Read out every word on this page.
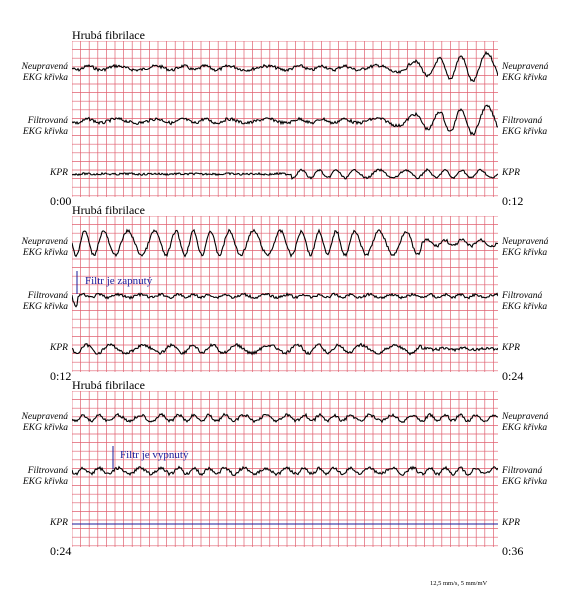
Hrubá fibrilace
Neupravená
EKG křivka
Neupravená
EKG křivka
Filtrovaná
EKG křivka
Filtrovaná
EKG křivka
KPR	KPR
0:00	0:12
Hrubá fibrilace
Neupravená
EKG křivka
Neupravená
EKG křivka
Filtrovaná
EKG křivka
Filtrovaná
EKG křivka
KPR	KPR
Filtr je zapnutý
0:12	0:24
Hrubá fibrilace
Neupravená
EKG křivka
Neupravená
EKG křivka
Filtrovaná
EKG křivka
Filtrovaná
EKG křivka
KPR	KPR
Filtr je vypnutý
0:24	0:36
12,5 mm/s, 5 mm/mV
